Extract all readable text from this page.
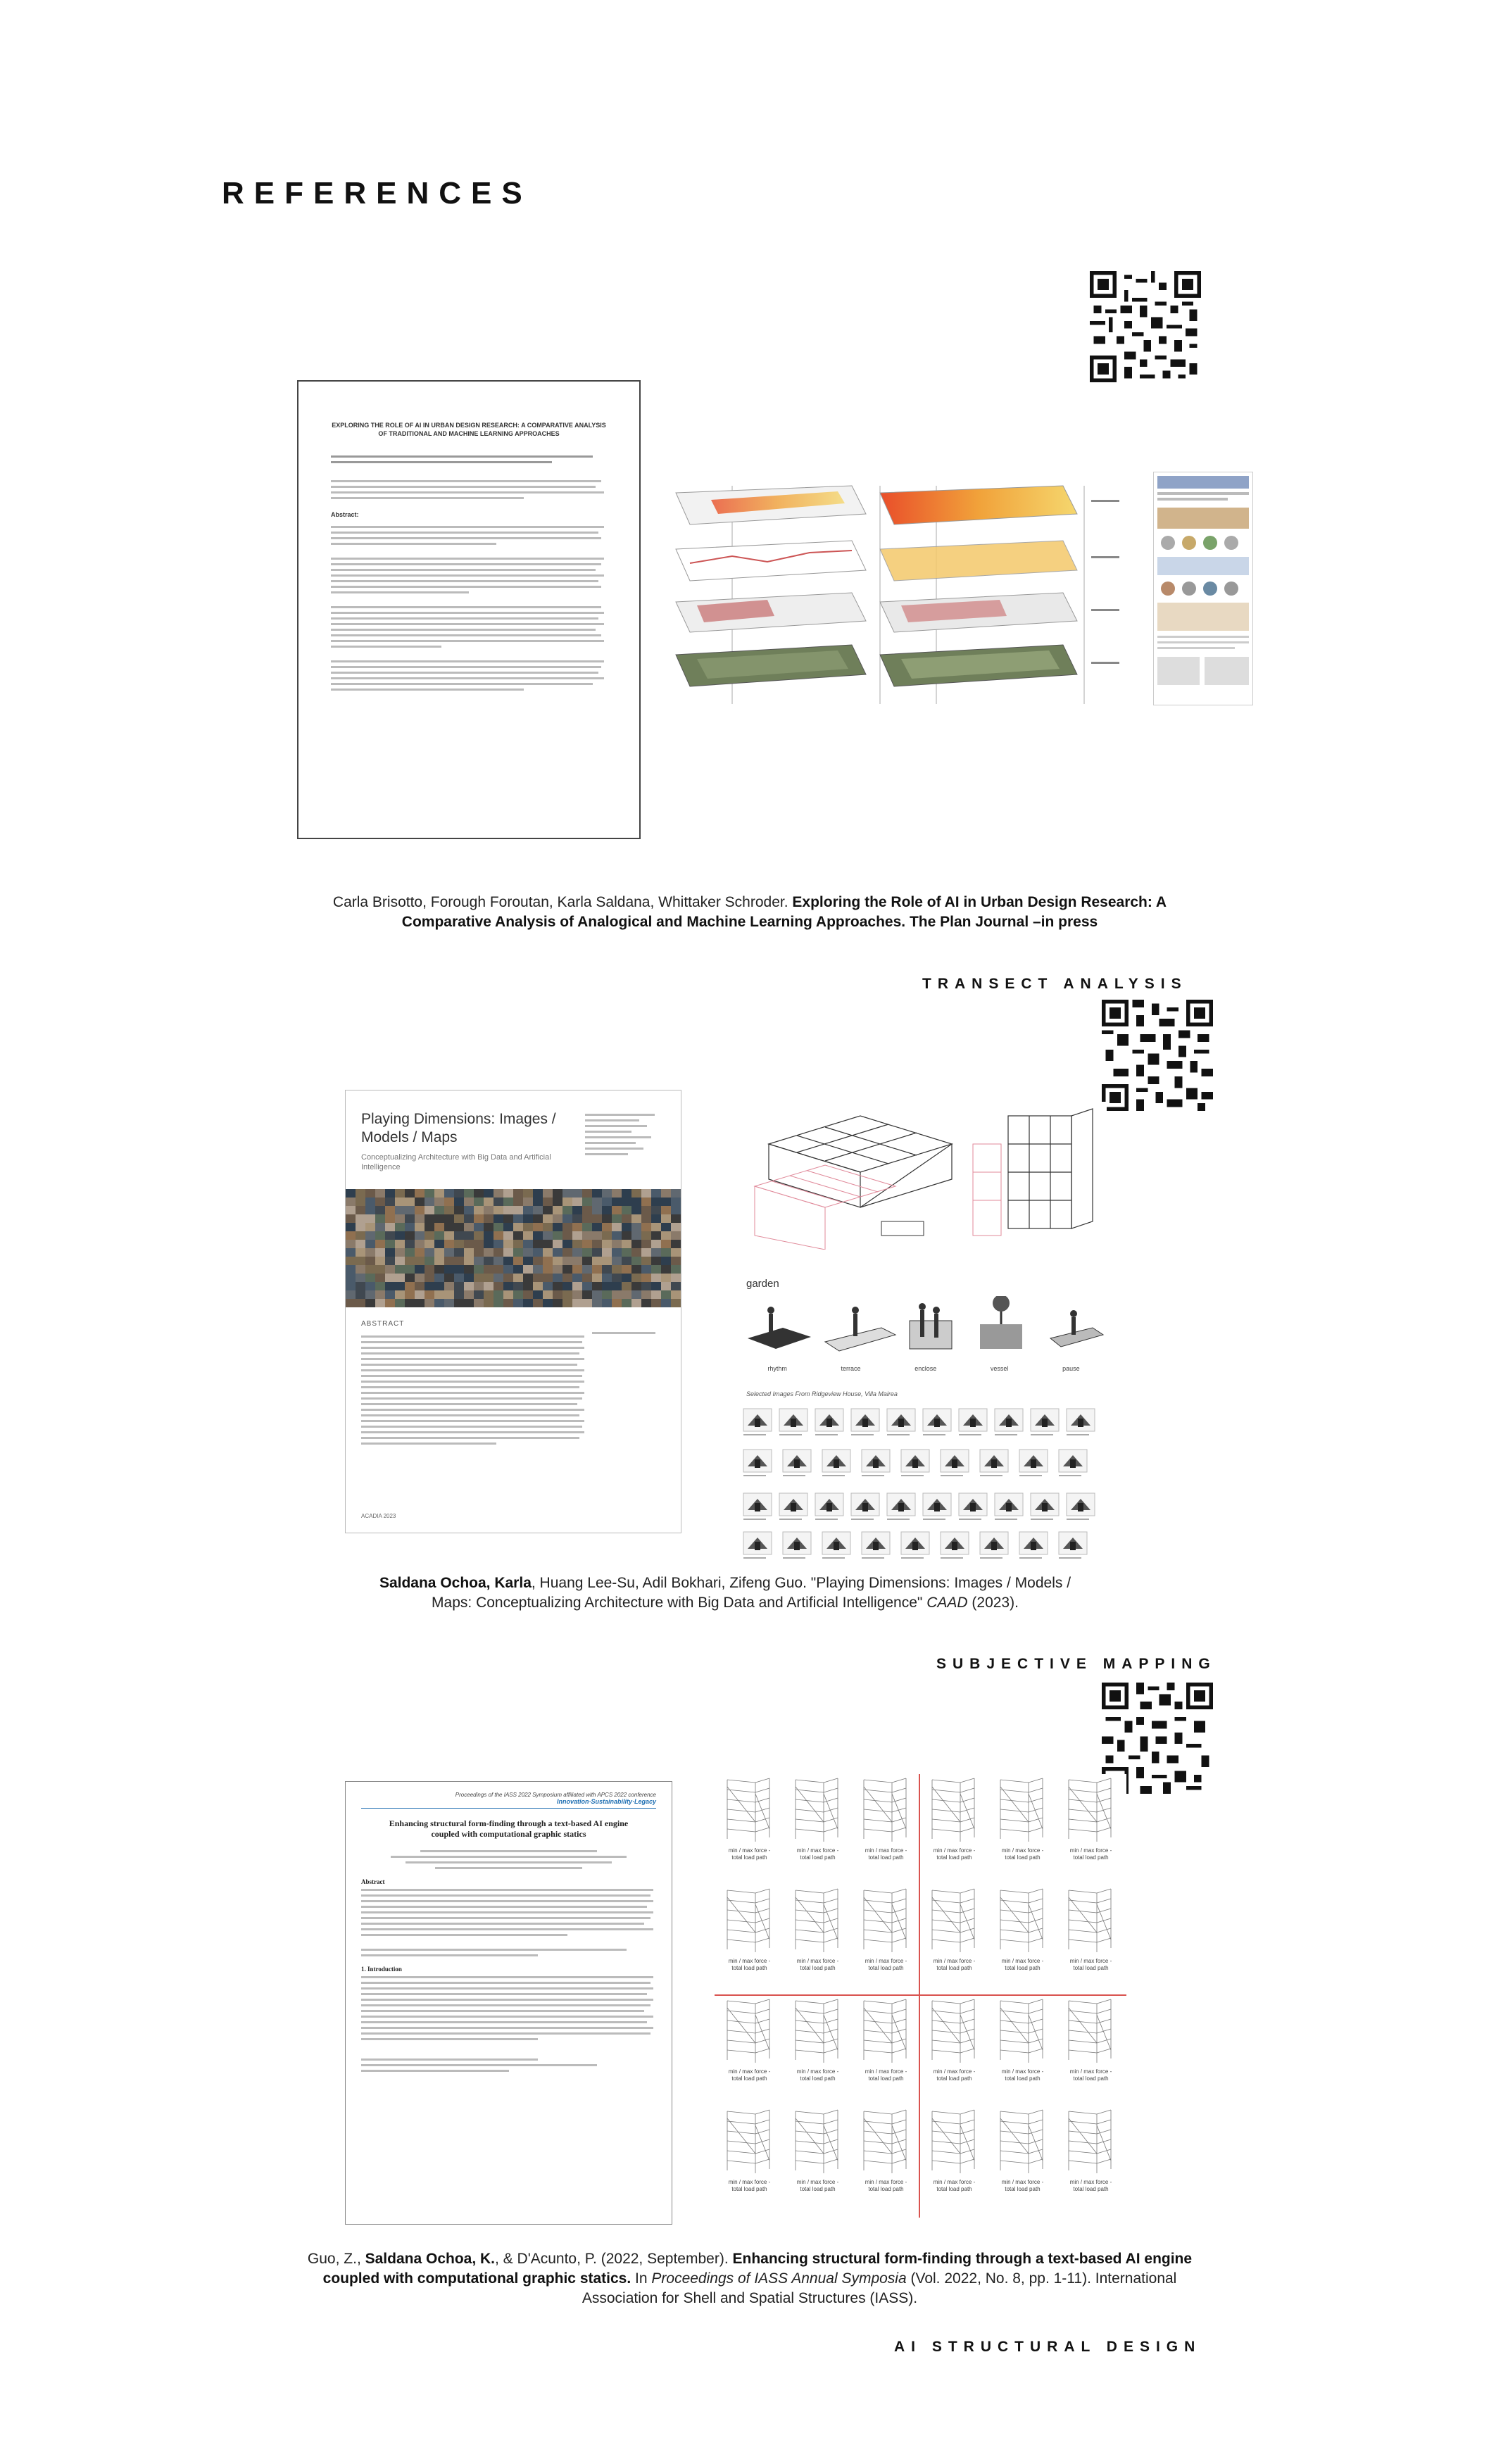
REFERENCES
EXPLORING THE ROLE OF AI IN URBAN DESIGN RESEARCH: A COMPARATIVE ANALYSIS OF TRADITIONAL AND MACHINE LEARNING APPROACHES
Abstract:
Carla Brisotto, Forough Foroutan, Karla Saldana, Whittaker Schroder. Exploring the Role of AI in Urban Design Research: A Comparative Analysis of Analogical and Machine Learning Approaches. The Plan Journal –in press
TRANSECT ANALYSIS
Playing Dimensions: Images / Models / Maps
Conceptualizing Architecture with Big Data and Artificial Intelligence
ABSTRACT
ACADIA 2023
garden
rhythm	terrace	enclose	vessel	pause
Selected Images From Ridgeview House, Villa Mairea
Saldana Ochoa, Karla, Huang Lee-Su, Adil Bokhari, Zifeng Guo. "Playing Dimensions: Images / Models / Maps: Conceptualizing Architecture with Big Data and Artificial Intelligence" CAAD (2023).
SUBJECTIVE MAPPING
Proceedings of the IASS 2022 Symposium affiliated with APCS 2022 conference
Innovation·Sustainability·Legacy
Enhancing structural form-finding through a text-based AI engine coupled with computational graphic statics
Abstract
1. Introduction
min / max force -
total load path
min / max force -
total load path
min / max force -
total load path
min / max force -
total load path
min / max force -
total load path
min / max force -
total load path
min / max force -
total load path
min / max force -
total load path
min / max force -
total load path
min / max force -
total load path
min / max force -
total load path
min / max force -
total load path
min / max force -
total load path
min / max force -
total load path
min / max force -
total load path
min / max force -
total load path
min / max force -
total load path
min / max force -
total load path
min / max force -
total load path
min / max force -
total load path
min / max force -
total load path
min / max force -
total load path
min / max force -
total load path
min / max force -
total load path
Guo, Z., Saldana Ochoa, K., & D'Acunto, P. (2022, September). Enhancing structural form-finding through a text-based AI engine coupled with computational graphic statics. In Proceedings of IASS Annual Symposia (Vol. 2022, No. 8, pp. 1-11). International Association for Shell and Spatial Structures (IASS).
AI STRUCTURAL DESIGN
